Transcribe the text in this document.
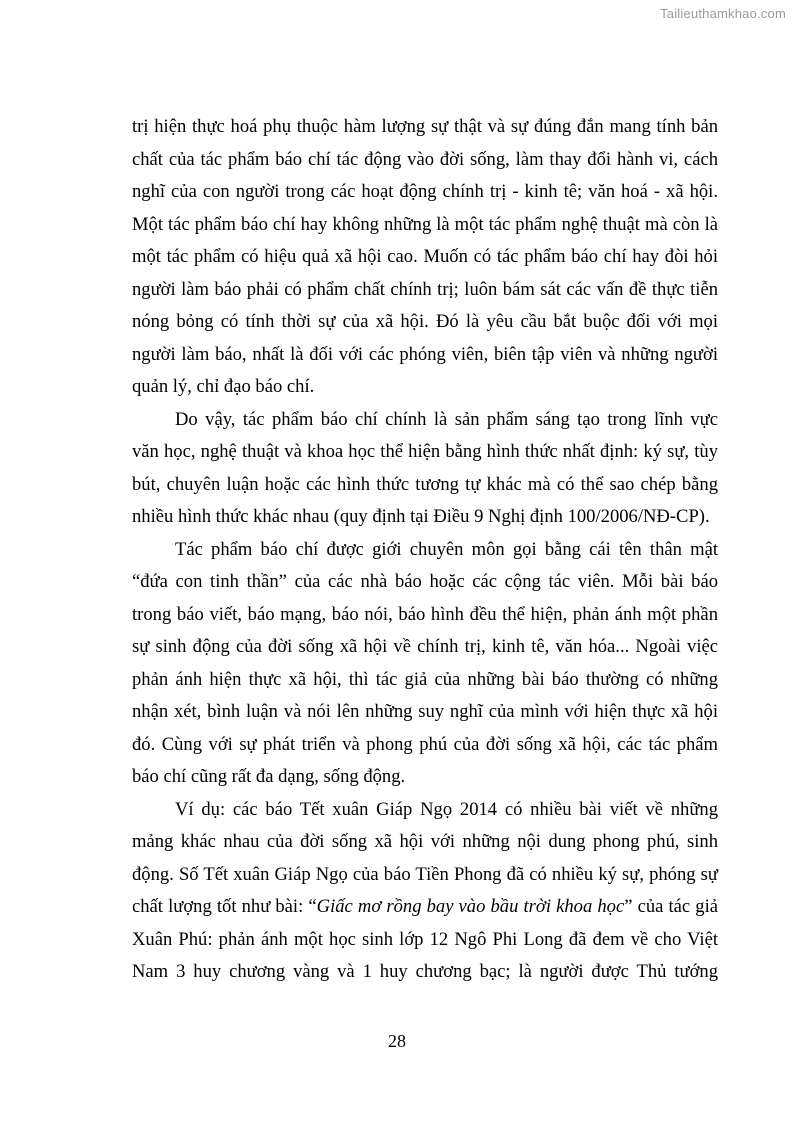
Tailieuthamkhao.com

trị hiện thực hoá phụ thuộc hàm lượng sự thật và sự đúng đắn mang tính bản
chất của tác phẩm báo chí tác động vào đời sống, làm thay đổi hành vi, cách
nghĩ của con người trong các hoạt động chính trị - kinh tê; văn hoá - xã hội.
Một tác phẩm báo chí hay không những là một tác phẩm nghệ thuật mà còn là
một tác phẩm có hiệu quả xã hội cao. Muốn có tác phẩm báo chí hay đòi hỏi
người làm báo phải có phẩm chất chính trị; luôn bám sát các vấn đề thực tiễn
nóng bỏng có tính thời sự của xã hội. Đó là yêu cầu bắt buộc đối với mọi
người làm báo, nhất là đối với các phóng viên, biên tập viên và những người
quản lý, chỉ đạo báo chí.

Do vậy, tác phẩm báo chí chính là sản phẩm sáng tạo trong lĩnh vực
văn học, nghệ thuật và khoa học thể hiện bằng hình thức nhất định: ký sự, tùy
bút, chuyên luận hoặc các hình thức tương tự khác mà có thể sao chép bằng
nhiều hình thức khác nhau (quy định tại Điều 9 Nghị định 100/2006/NĐ-CP).

Tác phẩm báo chí được giới chuyên môn gọi bằng cái tên thân mật
“đứa con tinh thần” của các nhà báo hoặc các cộng tác viên. Mỗi bài báo
trong báo viết, báo mạng, báo nói, báo hình đều thể hiện, phản ánh một phần
sự sinh động của đời sống xã hội về chính trị, kinh tê, văn hóa... Ngoài việc
phản ánh hiện thực xã hội, thì tác giả của những bài báo thường có những
nhận xét, bình luận và nói lên những suy nghĩ của mình với hiện thực xã hội
đó. Cùng với sự phát triển và phong phú của đời sống xã hội, các tác phẩm
báo chí cũng rất đa dạng, sống động.

Ví dụ: các báo Tết xuân Giáp Ngọ 2014 có nhiều bài viết về những
mảng khác nhau của đời sống xã hội với những nội dung phong phú, sinh
động. Số Tết xuân Giáp Ngọ của báo Tiền Phong đã có nhiều ký sự, phóng sự
chất lượng tốt như bài: “Giấc mơ rồng bay vào bầu trời khoa học” của tác giả
Xuân Phú: phản ánh một học sinh lớp 12 Ngô Phi Long đã đem về cho Việt
Nam 3 huy chương vàng và 1 huy chương bạc; là người được Thủ tướng

28
